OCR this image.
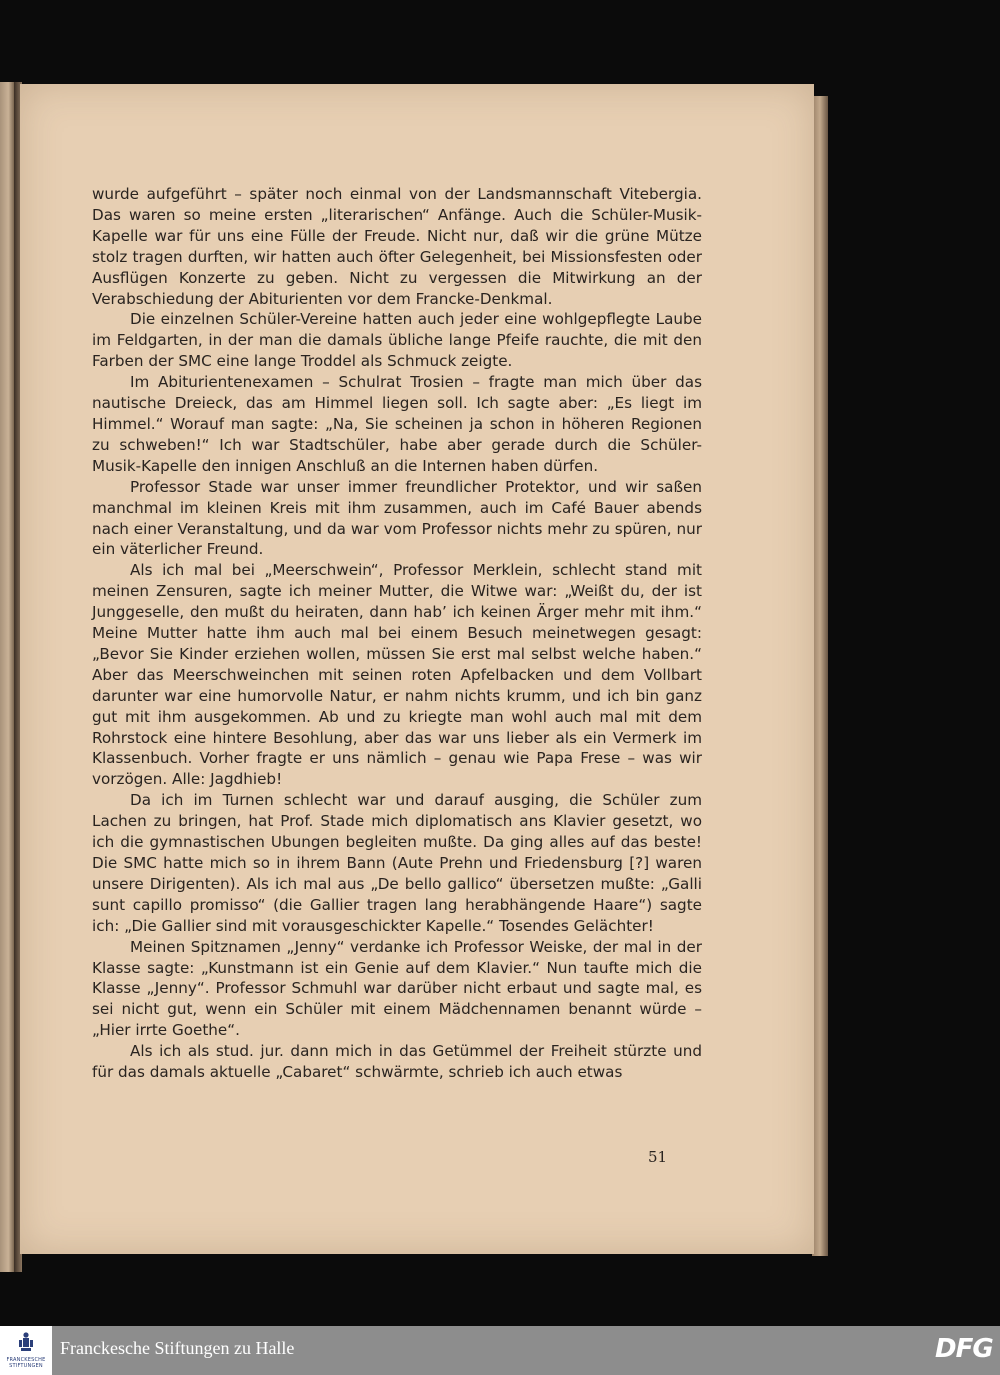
wurde aufgeführt – später noch einmal von der Landsmannschaft Vitebergia. Das waren so meine ersten „literarischen“ Anfänge. Auch die Schüler-Musik-Kapelle war für uns eine Fülle der Freude. Nicht nur, daß wir die grüne Mütze stolz tragen durften, wir hatten auch öfter Gelegenheit, bei Missionsfesten oder Ausflügen Konzerte zu geben. Nicht zu vergessen die Mitwirkung an der Verabschiedung der Abiturienten vor dem Francke-Denkmal.

Die einzelnen Schüler-Vereine hatten auch jeder eine wohlgepflegte Laube im Feldgarten, in der man die damals übliche lange Pfeife rauchte, die mit den Farben der SMC eine lange Troddel als Schmuck zeigte.

Im Abiturientenexamen – Schulrat Trosien – fragte man mich über das nautische Dreieck, das am Himmel liegen soll. Ich sagte aber: „Es liegt im Himmel.“ Worauf man sagte: „Na, Sie scheinen ja schon in höheren Regionen zu schweben!“ Ich war Stadtschüler, habe aber gerade durch die Schüler-Musik-Kapelle den innigen Anschluß an die Internen haben dürfen.

Professor Stade war unser immer freundlicher Protektor, und wir saßen manchmal im kleinen Kreis mit ihm zusammen, auch im Café Bauer abends nach einer Veranstaltung, und da war vom Professor nichts mehr zu spüren, nur ein väterlicher Freund.

Als ich mal bei „Meerschwein“, Professor Merklein, schlecht stand mit meinen Zensuren, sagte ich meiner Mutter, die Witwe war: „Weißt du, der ist Junggeselle, den mußt du heiraten, dann hab’ ich keinen Ärger mehr mit ihm.“ Meine Mutter hatte ihm auch mal bei einem Besuch meinetwegen gesagt: „Bevor Sie Kinder erziehen wollen, müssen Sie erst mal selbst welche haben.“ Aber das Meerschweinchen mit seinen roten Apfelbacken und dem Vollbart darunter war eine humorvolle Natur, er nahm nichts krumm, und ich bin ganz gut mit ihm ausgekommen. Ab und zu kriegte man wohl auch mal mit dem Rohrstock eine hintere Besohlung, aber das war uns lieber als ein Vermerk im Klassenbuch. Vorher fragte er uns nämlich – genau wie Papa Frese – was wir vorzögen. Alle: Jagdhieb!

Da ich im Turnen schlecht war und darauf ausging, die Schüler zum Lachen zu bringen, hat Prof. Stade mich diplomatisch ans Klavier gesetzt, wo ich die gymnastischen Ubungen begleiten mußte. Da ging alles auf das beste! Die SMC hatte mich so in ihrem Bann (Aute Prehn und Friedensburg [?] waren unsere Dirigenten). Als ich mal aus „De bello gallico“ übersetzen mußte: „Galli sunt capillo promisso“ (die Gallier tragen lang herabhängende Haare“) sagte ich: „Die Gallier sind mit vorausgeschickter Kapelle.“ Tosendes Gelächter!

Meinen Spitznamen „Jenny“ verdanke ich Professor Weiske, der mal in der Klasse sagte: „Kunstmann ist ein Genie auf dem Klavier.“ Nun taufte mich die Klasse „Jenny“. Professor Schmuhl war darüber nicht erbaut und sagte mal, es sei nicht gut, wenn ein Schüler mit einem Mädchennamen benannt würde – „Hier irrte Goethe“.

Als ich als stud. jur. dann mich in das Getümmel der Freiheit stürzte und für das damals aktuelle „Cabaret“ schwärmte, schrieb ich auch etwas

51
FRANCKESCHE STIFTUNGEN
Franckesche Stiftungen zu Halle	DFG
